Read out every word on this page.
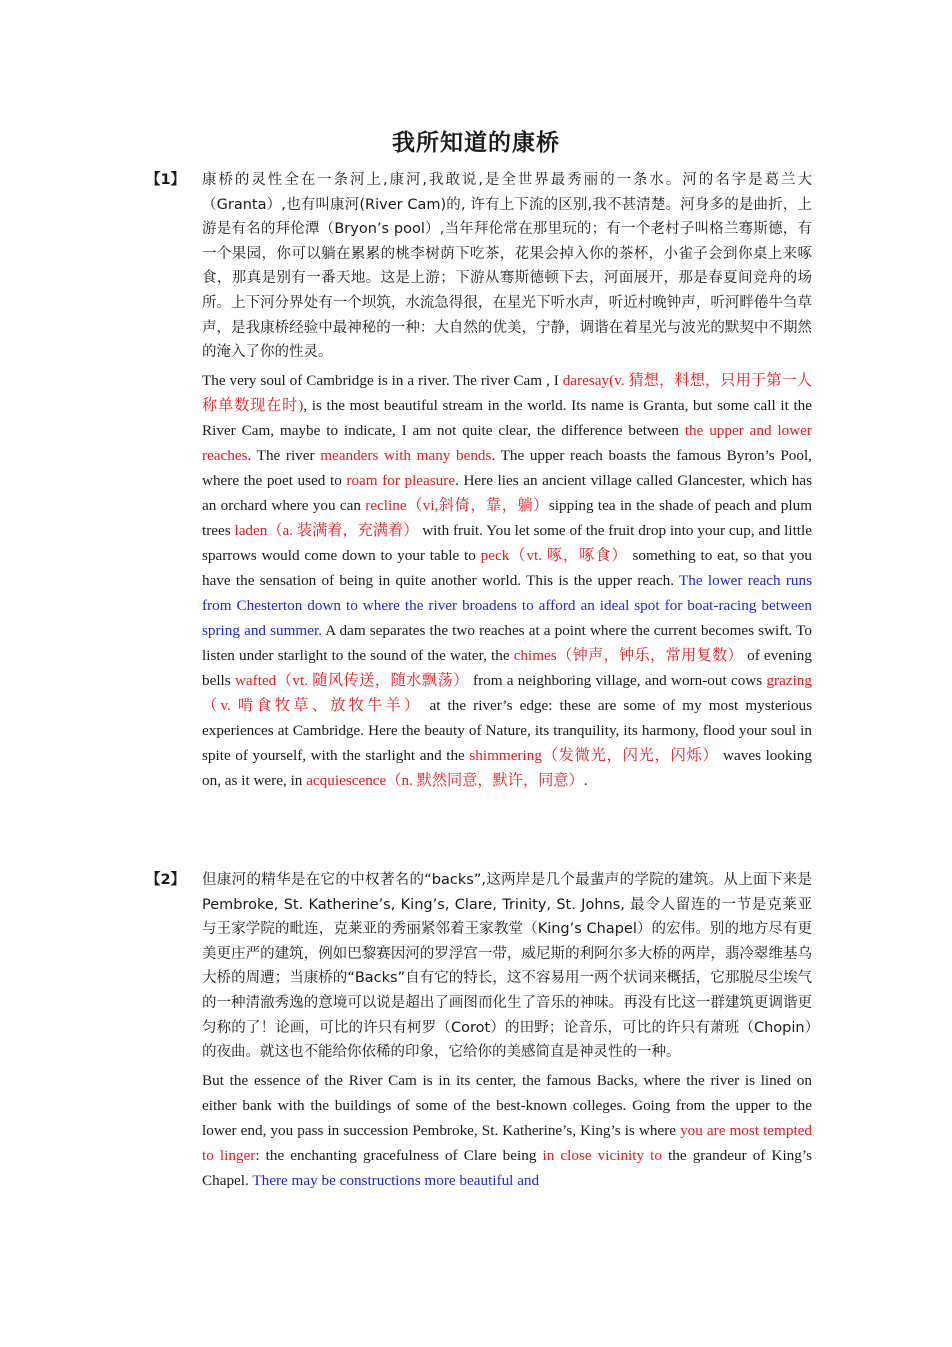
我所知道的康桥
【1】 康桥的灵性全在一条河上,康河,我敢说,是全世界最秀丽的一条水。河的名字是葛兰大（Granta）,也有叫康河(River Cam)的, 许有上下流的区别,我不甚清楚。河身多的是曲折，上游是有名的拜伦潭（Bryon’s pool）,当年拜伦常在那里玩的；有一个老村子叫格兰骞斯德，有一个果园，你可以躺在累累的桃李树荫下吃茶，花果会掉入你的茶杯，小雀子会到你桌上来啄食，那真是别有一番天地。这是上游；下游从骞斯德顿下去，河面展开，那是春夏间竞舟的场所。上下河分界处有一个坝筑，水流急得很，在星光下听水声，听近村晚钟声，听河畔倦牛刍草声，是我康桥经验中最神秘的一种：大自然的优美，宁静，调谐在着星光与波光的默契中不期然的淹入了你的性灵。
The very soul of Cambridge is in a river. The river Cam , I daresay(v. 猜想，料想，只用于第一人称单数现在时), is the most beautiful stream in the world. Its name is Granta, but some call it the River Cam, maybe to indicate, I am not quite clear, the difference between the upper and lower reaches. The river meanders with many bends. The upper reach boasts the famous Byron’s Pool, where the poet used to roam for pleasure. Here lies an ancient village called Glancester, which has an orchard where you can recline（vi,斜倚，靠，躺）sipping tea in the shade of peach and plum trees laden（a. 装满着，充满着） with fruit. You let some of the fruit drop into your cup, and little sparrows would come down to your table to peck（vt. 啄，啄食） something to eat, so that you have the sensation of being in quite another world. This is the upper reach. The lower reach runs from Chesterton down to where the river broadens to afford an ideal spot for boat-racing between spring and summer. A dam separates the two reaches at a point where the current becomes swift. To listen under starlight to the sound of the water, the chimes（钟声，钟乐，常用复数） of evening bells wafted（vt. 随风传送，随水飘荡） from a neighboring village, and worn-out cows grazing（v. 啃食牧草、放牧牛羊） at the river’s edge: these are some of my most mysterious experiences at Cambridge. Here the beauty of Nature, its tranquility, its harmony, flood your soul in spite of yourself, with the starlight and the shimmering（发微光，闪光，闪烁） waves looking on, as it were, in acquiescence（n. 默然同意，默许，同意）.
【2】 但康河的精华是在它的中权著名的“backs”,这两岸是几个最蜚声的学院的建筑。从上面下来是 Pembroke, St. Katherine’s, King’s, Clare, Trinity, St. Johns, 最令人留连的一节是克莱亚与王家学院的毗连，克莱亚的秀丽紧邻着王家教堂（King’s Chapel）的宏伟。别的地方尽有更美更庄严的建筑，例如巴黎赛因河的罗浮宫一带，威尼斯的利阿尔多大桥的两岸，翡冷翠维基乌大桥的周遭；当康桥的“Backs”自有它的特长，这不容易用一两个状词来概括，它那脱尽尘埃气的一种清澈秀逸的意境可以说是超出了画图而化生了音乐的神味。再没有比这一群建筑更调谐更匀称的了！论画，可比的许只有柯罗（Corot）的田野；论音乐，可比的许只有萧班（Chopin）的夜曲。就这也不能给你依稀的印象，它给你的美感简直是神灵性的一种。
But the essence of the River Cam is in its center, the famous Backs, where the river is lined on either bank with the buildings of some of the best-known colleges. Going from the upper to the lower end, you pass in succession Pembroke, St. Katherine’s, King’s is where you are most tempted to linger: the enchanting gracefulness of Clare being in close vicinity to the grandeur of King’s Chapel. There may be constructions more beautiful and
